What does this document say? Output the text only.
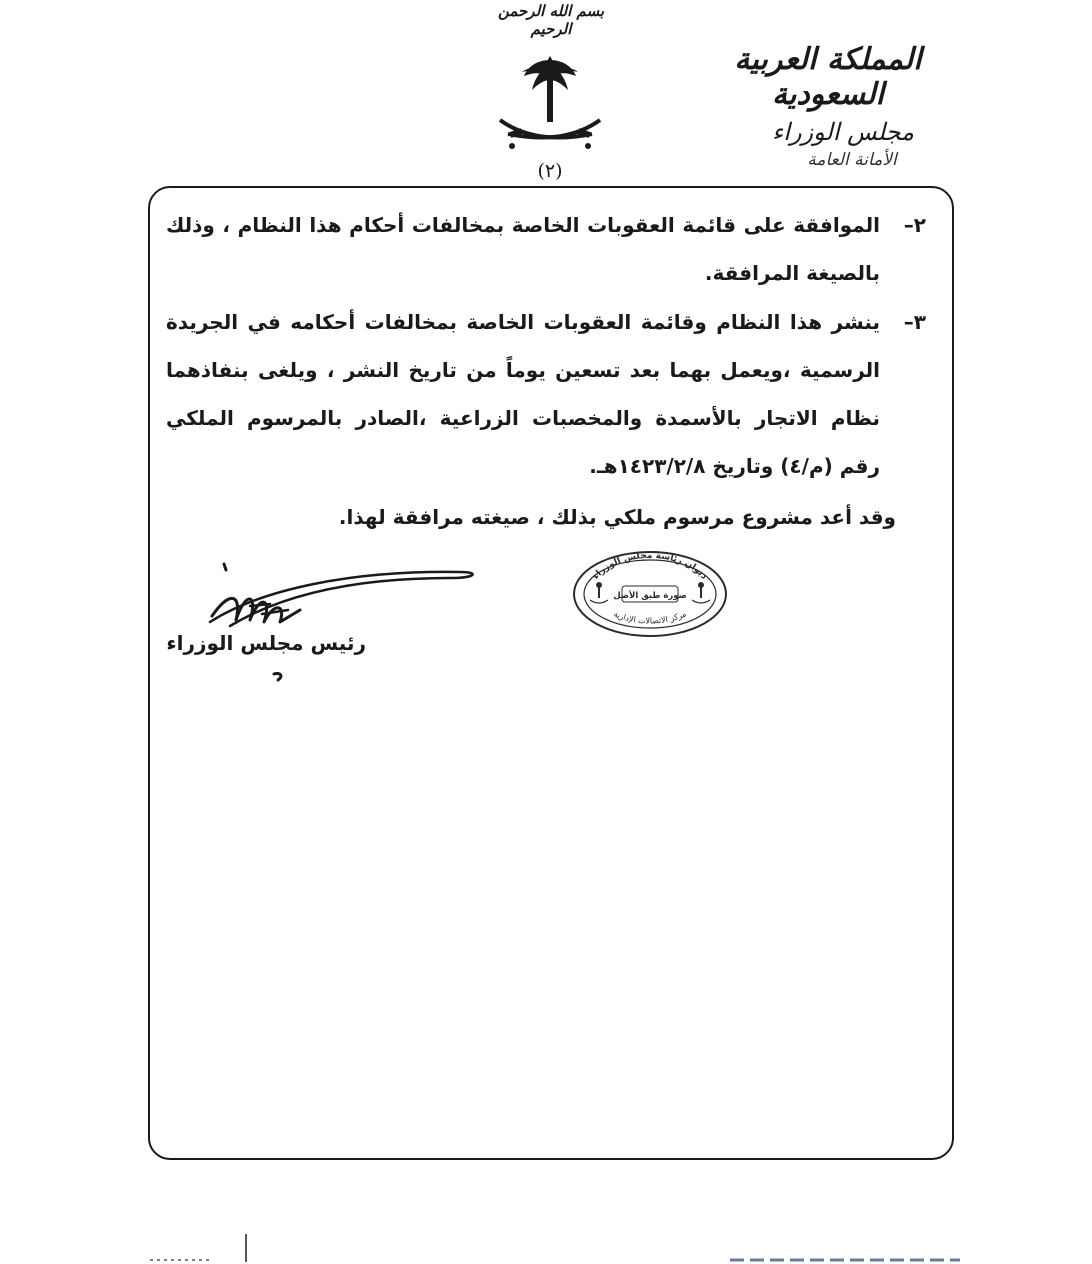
بسم الله الرحمن الرحيم
المملكة العربية السعودية
مجلس الوزراء
الأمانة العامة
(٢)
٢–
الموافقة على قائمة العقوبات الخاصة بمخالفات أحكام هذا النظام ، وذلك بالصيغة المرافقة.
٣–
ينشر هذا النظام وقائمة العقوبات الخاصة بمخالفات أحكامه في الجريدة الرسمية ،ويعمل بهما بعد تسعين يوماً من تاريخ النشر ، ويلغى بنفاذهما نظام الاتجار بالأسمدة والمخصبات الزراعية ،الصادر بالمرسوم الملكي رقم (م/٤) وتاريخ ١٤٢٣/٢/٨هـ.
وقد أعد مشروع مرسوم ملكي بذلك ، صيغته مرافقة لهذا.
رئيس مجلس الوزراء
ديوان رئاسة مجلس الوزراء
مركز الاتصالات الإدارية
صورة طبق الأصل
